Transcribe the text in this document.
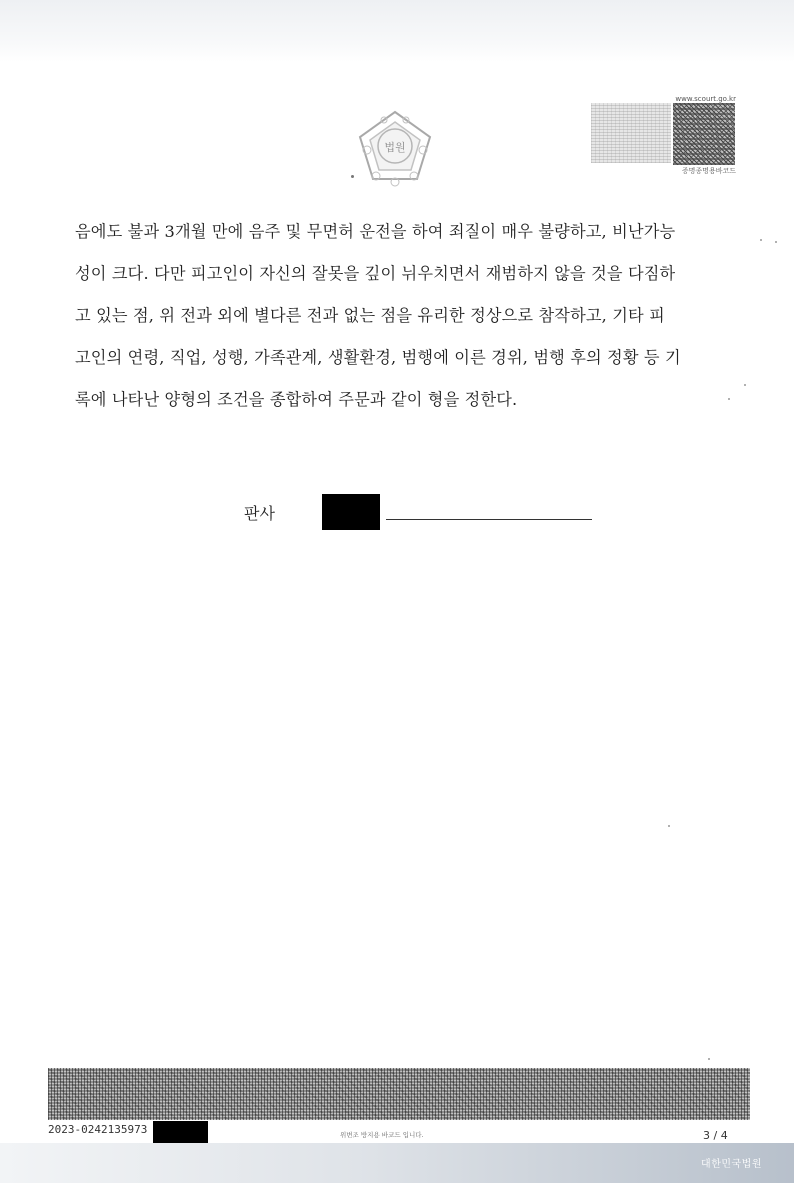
법원
www.scourt.go.kr
증명종명용바코드
음에도 불과 3개월 만에 음주 및 무면허 운전을 하여 죄질이 매우 불량하고, 비난가능
성이 크다. 다만 피고인이 자신의 잘못을 깊이 뉘우치면서 재범하지 않을 것을 다짐하
고 있는 점, 위 전과 외에 별다른 전과 없는 점을 유리한 정상으로 참작하고, 기타 피
고인의 연령, 직업, 성행, 가족관계, 생활환경, 범행에 이른 경위, 범행 후의 정황 등 기
록에 나타난 양형의 조건을 종합하여 주문과 같이 형을 정한다.
판사
2023-0242135973	위변조 방지용 바코드 입니다.	3 / 4
대한민국법원
